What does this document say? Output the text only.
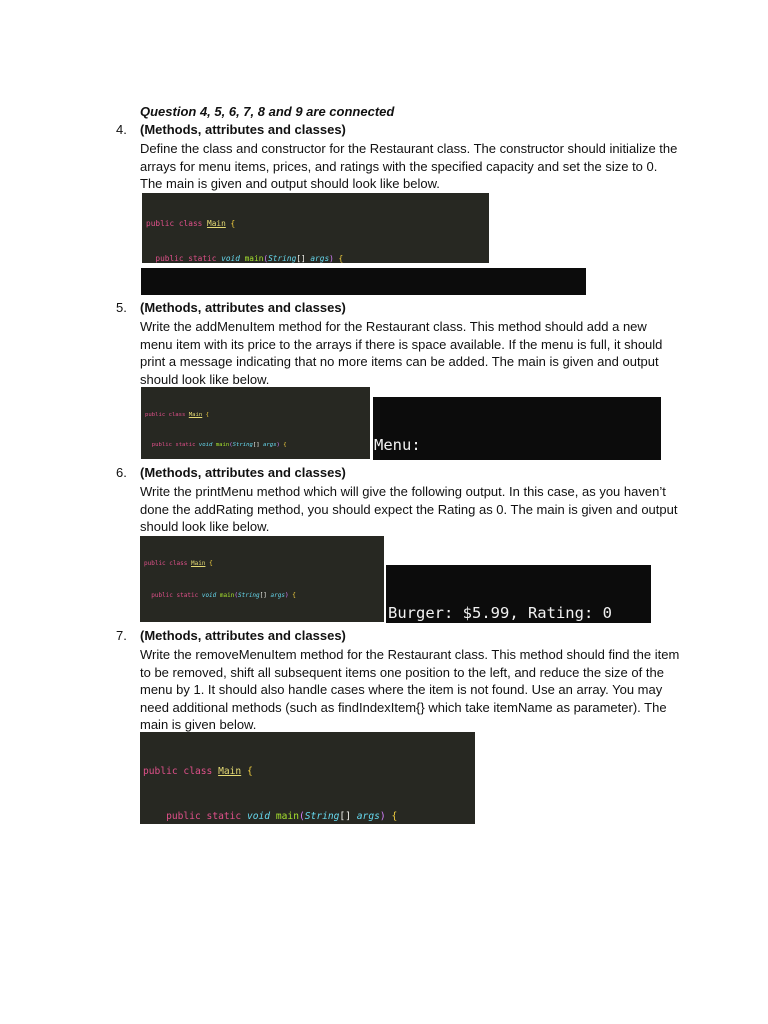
Question 4, 5, 6, 7, 8 and 9 are connected
4. (Methods, attributes and classes)
Define the class and constructor for the Restaurant class. The constructor should initialize the arrays for menu items, prices, and ratings with the specified capacity and set the size to 0. The main is given and output should look like below.

public class Main {

public static void main(String[] args) {

5. (Methods, attributes and classes)
Write the addMenuItem method for the Restaurant class. This method should add a new menu item with its price to the arrays if there is space available. If the menu is full, it should print a message indicating that no more items can be added. The main is given and output should look like below.

public class Main {

public static void main(String[] args) {

	Menu:

6. (Methods, attributes and classes)
Write the printMenu method which will give the following output. In this case, as you haven’t done the addRating method, you should expect the Rating as 0. The main is given and output should look like below.

public class Main {

public static void main(String[] args) {

Burger: $5.99, Rating: 0

7. (Methods, attributes and classes)
Write the removeMenuItem method for the Restaurant class. This method should find the item to be removed, shift all subsequent items one position to the left, and reduce the size of the menu by 1. It should also handle cases where the item is not found. Use an array. You may need additional methods (such as findIndexItem{} which take itemName as parameter). The main is given below.

public class Main {

public static void main(String[] args) {
